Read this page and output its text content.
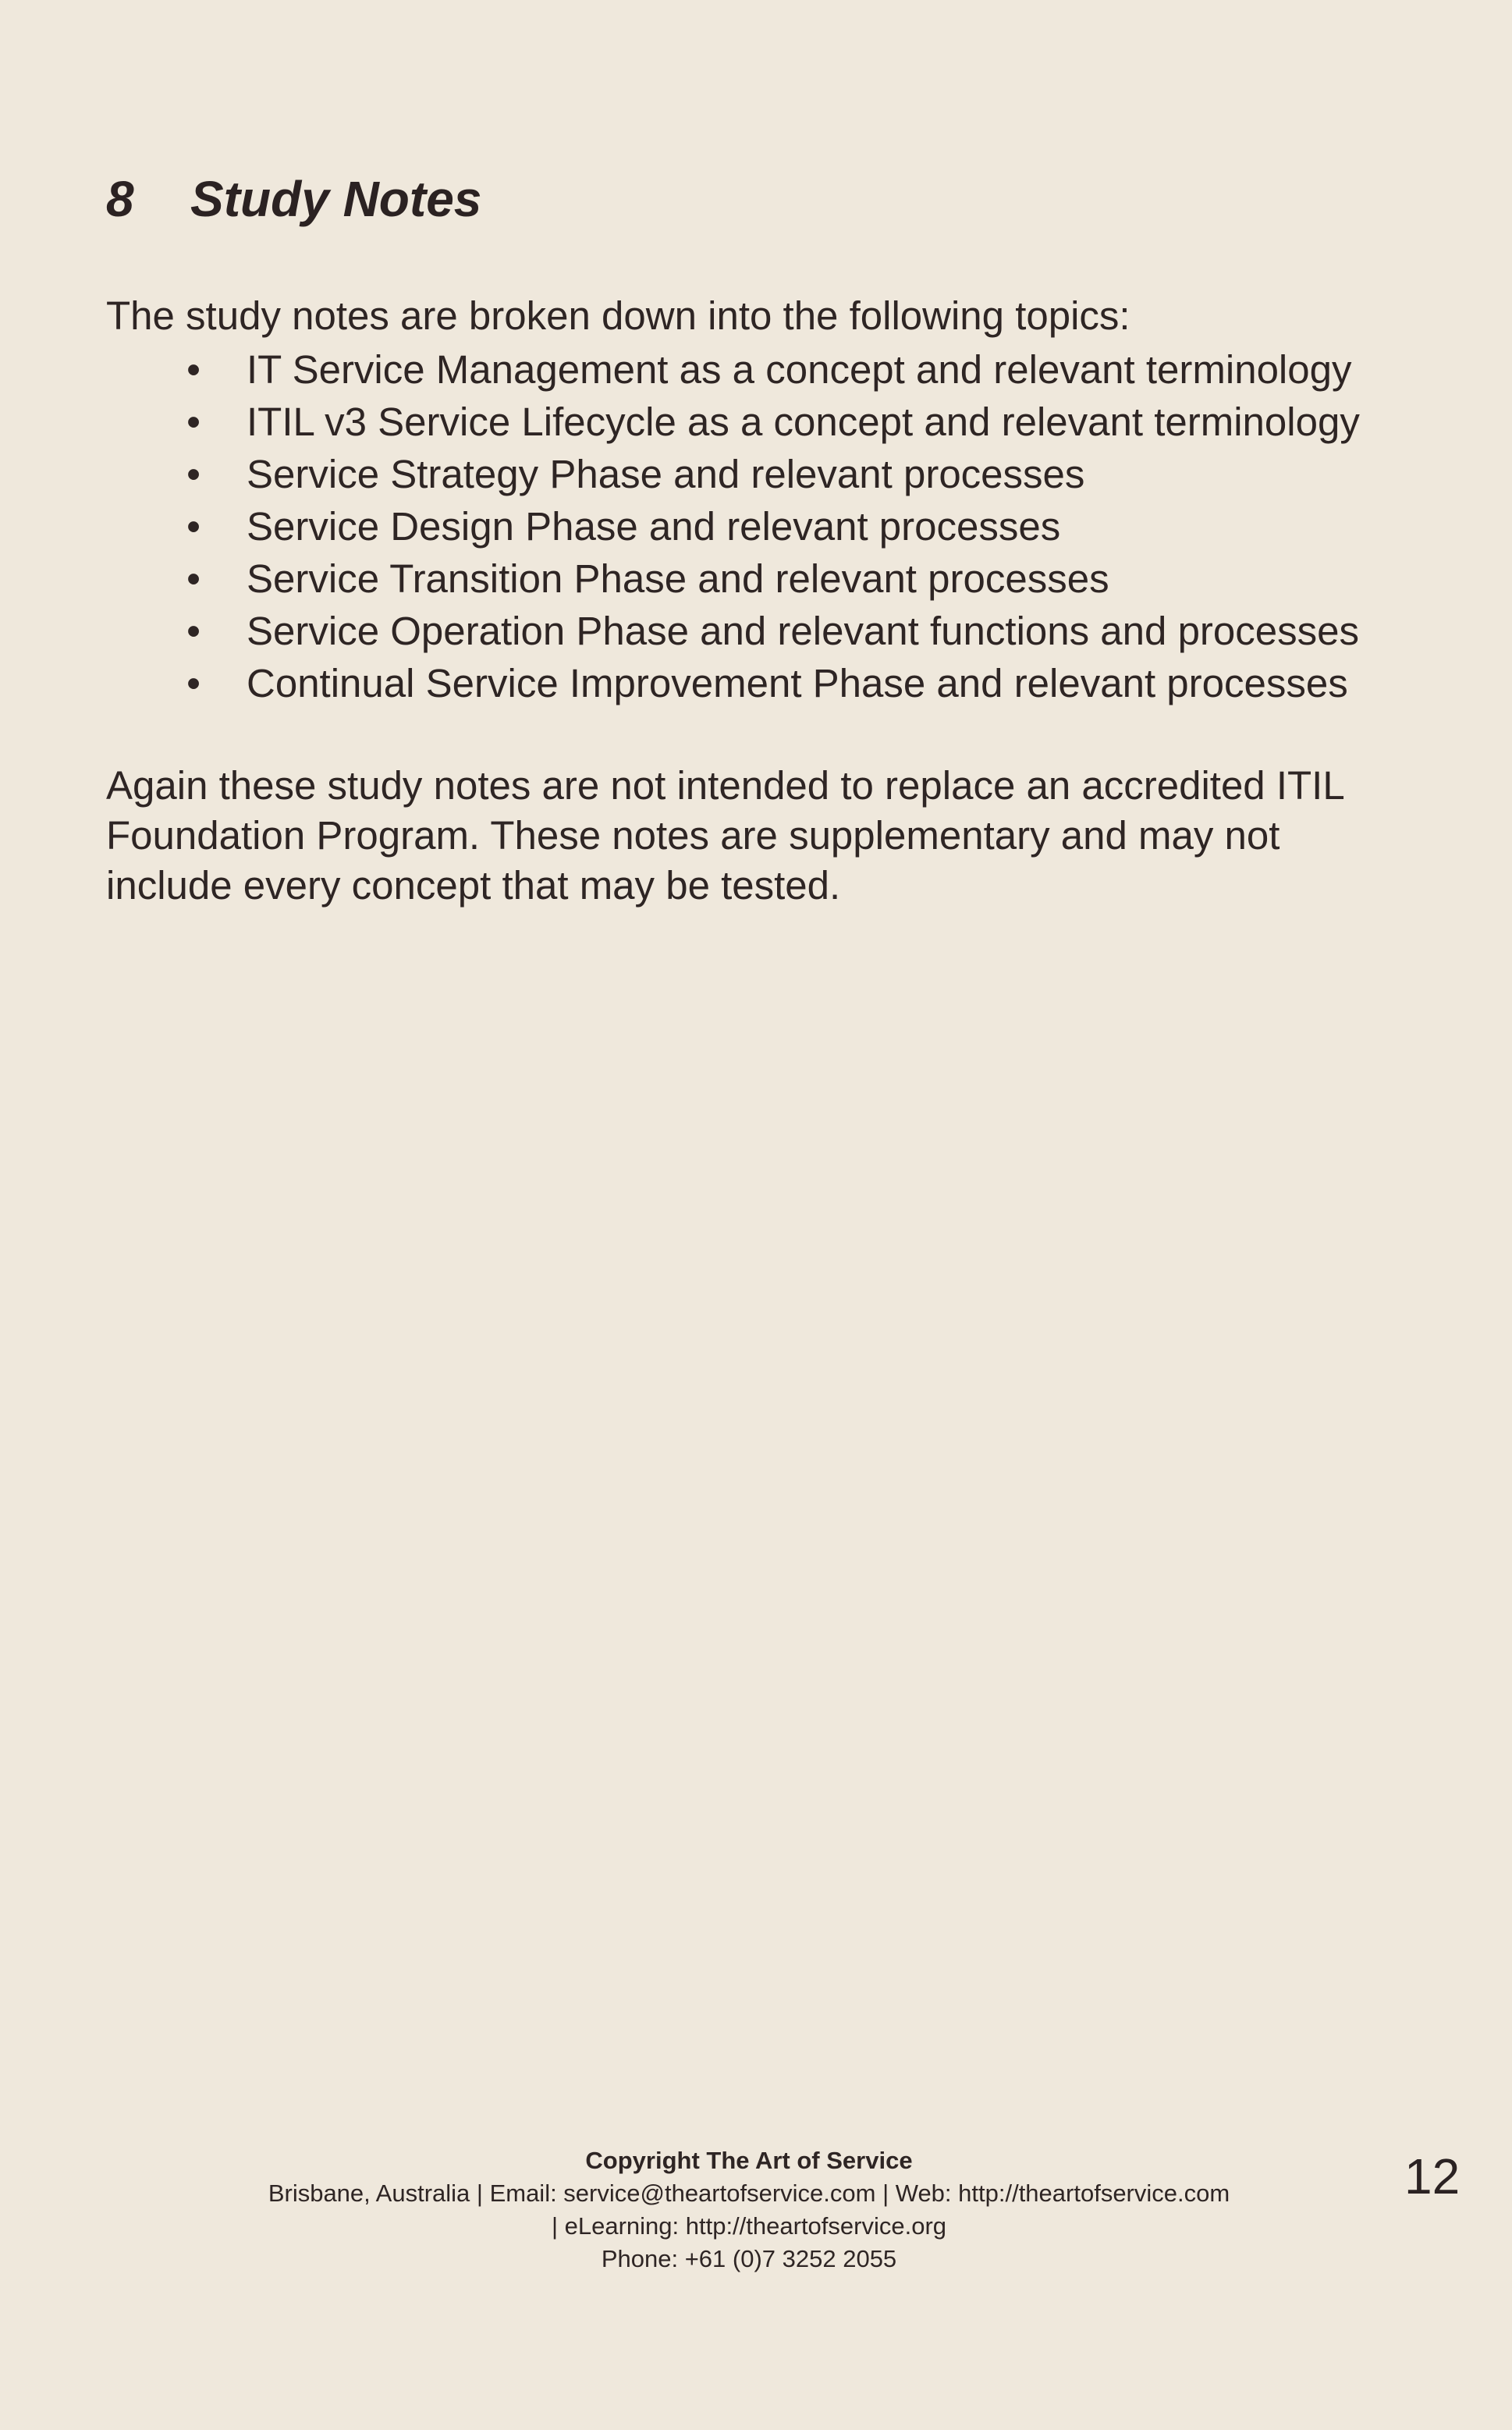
8 Study Notes
The study notes are broken down into the following topics:
• IT Service Management as a concept and relevant terminology
• ITIL v3 Service Lifecycle as a concept and relevant terminology
• Service Strategy Phase and relevant processes
• Service Design Phase and relevant processes
• Service Transition Phase and relevant processes
• Service Operation Phase and relevant functions and processes
• Continual Service Improvement Phase and relevant processes
Again these study notes are not intended to replace an accredited ITIL
Foundation Program. These notes are supplementary and may not
include every concept that may be tested.
Copyright The Art of Service
Brisbane, Australia | Email: service@theartofservice.com | Web: http://theartofservice.com
| eLearning: http://theartofservice.org
Phone: +61 (0)7 3252 2055
12
